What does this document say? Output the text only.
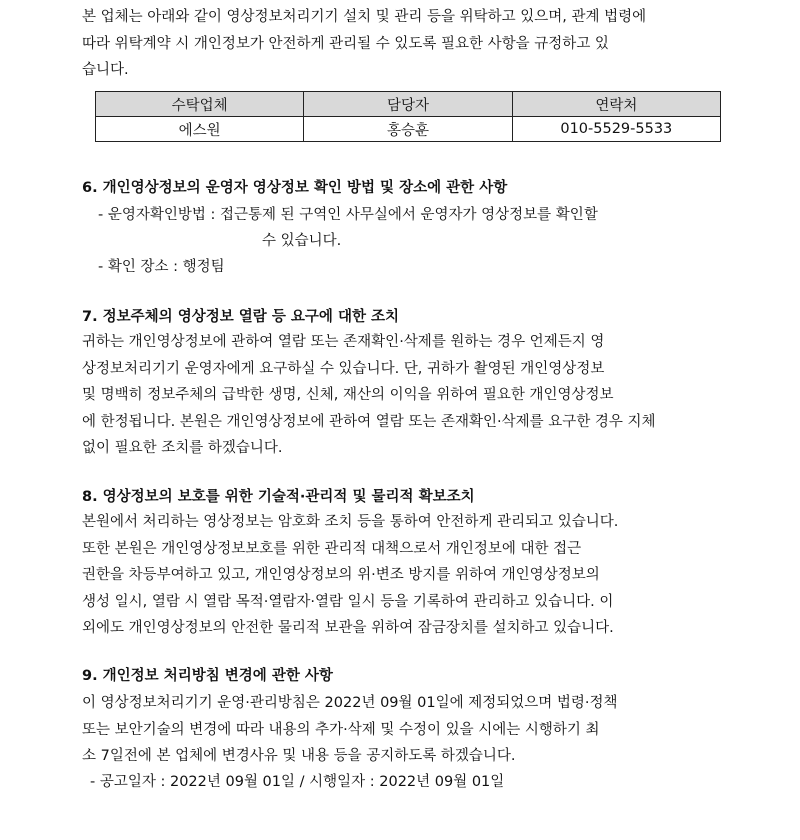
본 업체는 아래와 같이 영상정보처리기기 설치 및 관리 등을 위탁하고 있으며, 관계 법령에
따라 위탁계약 시 개인정보가 안전하게 관리될 수 있도록 필요한 사항을 규정하고 있
습니다.
수탁업체	담당자	연락처
에스원	홍승훈	010-5529-5533

6. 개인영상정보의 운영자 영상정보 확인 방법 및 장소에 관한 사항

- 운영자확인방법 : 접근통제 된 구역인 사무실에서 운영자가 영상정보를 확인할

수 있습니다.

- 확인 장소 : 행정팀

7. 정보주체의 영상정보 열람 등 요구에 대한 조치

귀하는 개인영상정보에 관하여 열람 또는 존재확인·삭제를 원하는 경우 언제든지 영
상정보처리기기 운영자에게 요구하실 수 있습니다. 단, 귀하가 촬영된 개인영상정보
및 명백히 정보주체의 급박한 생명, 신체, 재산의 이익을 위하여 필요한 개인영상정보
에 한정됩니다. 본원은 개인영상정보에 관하여 열람 또는 존재확인·삭제를 요구한 경우 지체
없이 필요한 조치를 하겠습니다.

8. 영상정보의 보호를 위한 기술적·관리적 및 물리적 확보조치

본원에서 처리하는 영상정보는 암호화 조치 등을 통하여 안전하게 관리되고 있습니다.
또한 본원은 개인영상정보보호를 위한 관리적 대책으로서 개인정보에 대한 접근
권한을 차등부여하고 있고, 개인영상정보의 위·변조 방지를 위하여 개인영상정보의
생성 일시, 열람 시 열람 목적·열람자·열람 일시 등을 기록하여 관리하고 있습니다. 이
외에도 개인영상정보의 안전한 물리적 보관을 위하여 잠금장치를 설치하고 있습니다.

9. 개인정보 처리방침 변경에 관한 사항

이 영상정보처리기기 운영·관리방침은 2022년 09월 01일에 제정되었으며 법령·정책
또는 보안기술의 변경에 따라 내용의 추가·삭제 및 수정이 있을 시에는 시행하기 최
소 7일전에 본 업체에 변경사유 및 내용 등을 공지하도록 하겠습니다.

- 공고일자 : 2022년 09월 01일 / 시행일자 : 2022년 09월 01일
